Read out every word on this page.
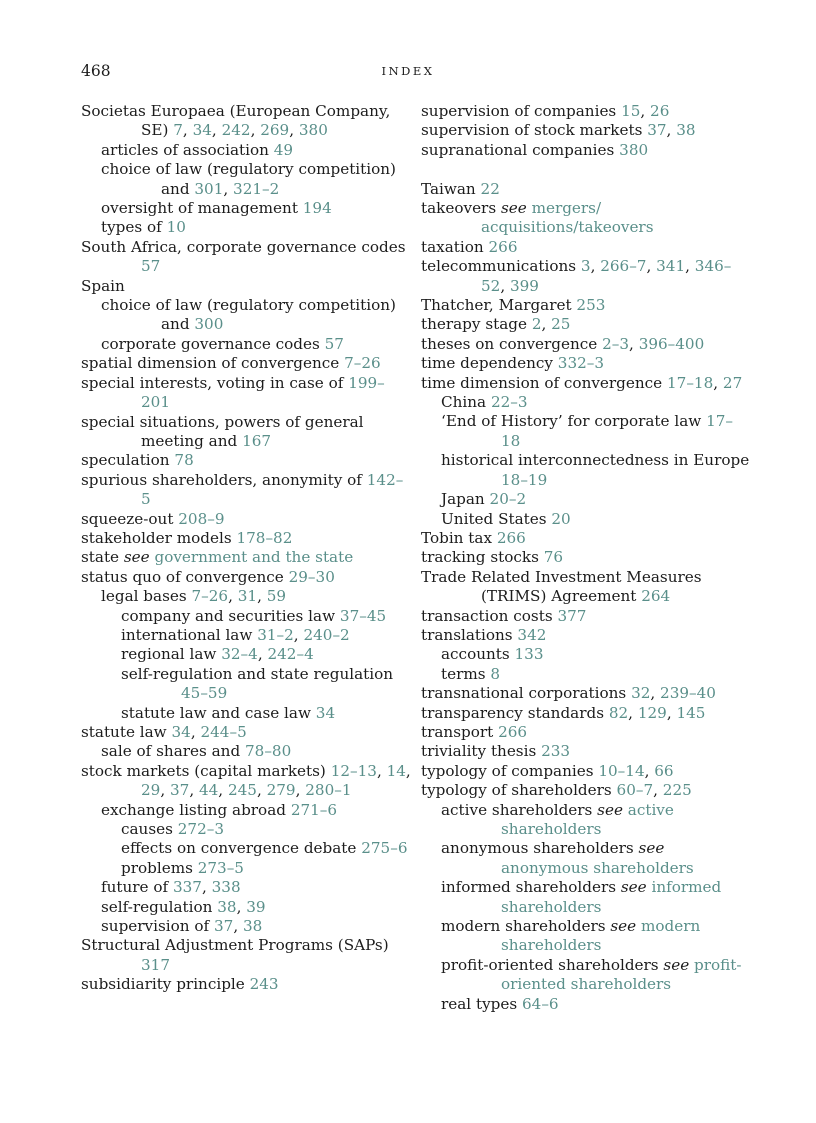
468	INDEX
Societas Europaea (European Company, SE) 7, 34, 242, 269, 380
articles of association 49
choice of law (regulatory competition) and 301, 321–2
oversight of management 194
types of 10
South Africa, corporate governance codes 57
Spain
choice of law (regulatory competition) and 300
corporate governance codes 57
spatial dimension of convergence 7–26
special interests, voting in case of 199–201
special situations, powers of general meeting and 167
speculation 78
spurious shareholders, anonymity of 142–5
squeeze-out 208–9
stakeholder models 178–82
state see government and the state
status quo of convergence 29–30
legal bases 7–26, 31, 59
company and securities law 37–45
international law 31–2, 240–2
regional law 32–4, 242–4
self-regulation and state regulation 45–59
statute law and case law 34
statute law 34, 244–5
sale of shares and 78–80
stock markets (capital markets) 12–13, 14, 29, 37, 44, 245, 279, 280–1
exchange listing abroad 271–6
causes 272–3
effects on convergence debate 275–6
problems 273–5
future of 337, 338
self-regulation 38, 39
supervision of 37, 38
Structural Adjustment Programs (SAPs) 317
subsidiarity principle 243
supervision of companies 15, 26
supervision of stock markets 37, 38
supranational companies 380
Taiwan 22
takeovers see mergers/ acquisitions/takeovers
taxation 266
telecommunications 3, 266–7, 341, 346–52, 399
Thatcher, Margaret 253
therapy stage 2, 25
theses on convergence 2–3, 396–400
time dependency 332–3
time dimension of convergence 17–18, 27
China 22–3
‘End of History’ for corporate law 17–18
historical interconnectedness in Europe 18–19
Japan 20–2
United States 20
Tobin tax 266
tracking stocks 76
Trade Related Investment Measures (TRIMS) Agreement 264
transaction costs 377
translations 342
accounts 133
terms 8
transnational corporations 32, 239–40
transparency standards 82, 129, 145
transport 266
triviality thesis 233
typology of companies 10–14, 66
typology of shareholders 60–7, 225
active shareholders see active shareholders
anonymous shareholders see anonymous shareholders
informed shareholders see informed shareholders
modern shareholders see modern shareholders
profit-oriented shareholders see profit-oriented shareholders
real types 64–6
